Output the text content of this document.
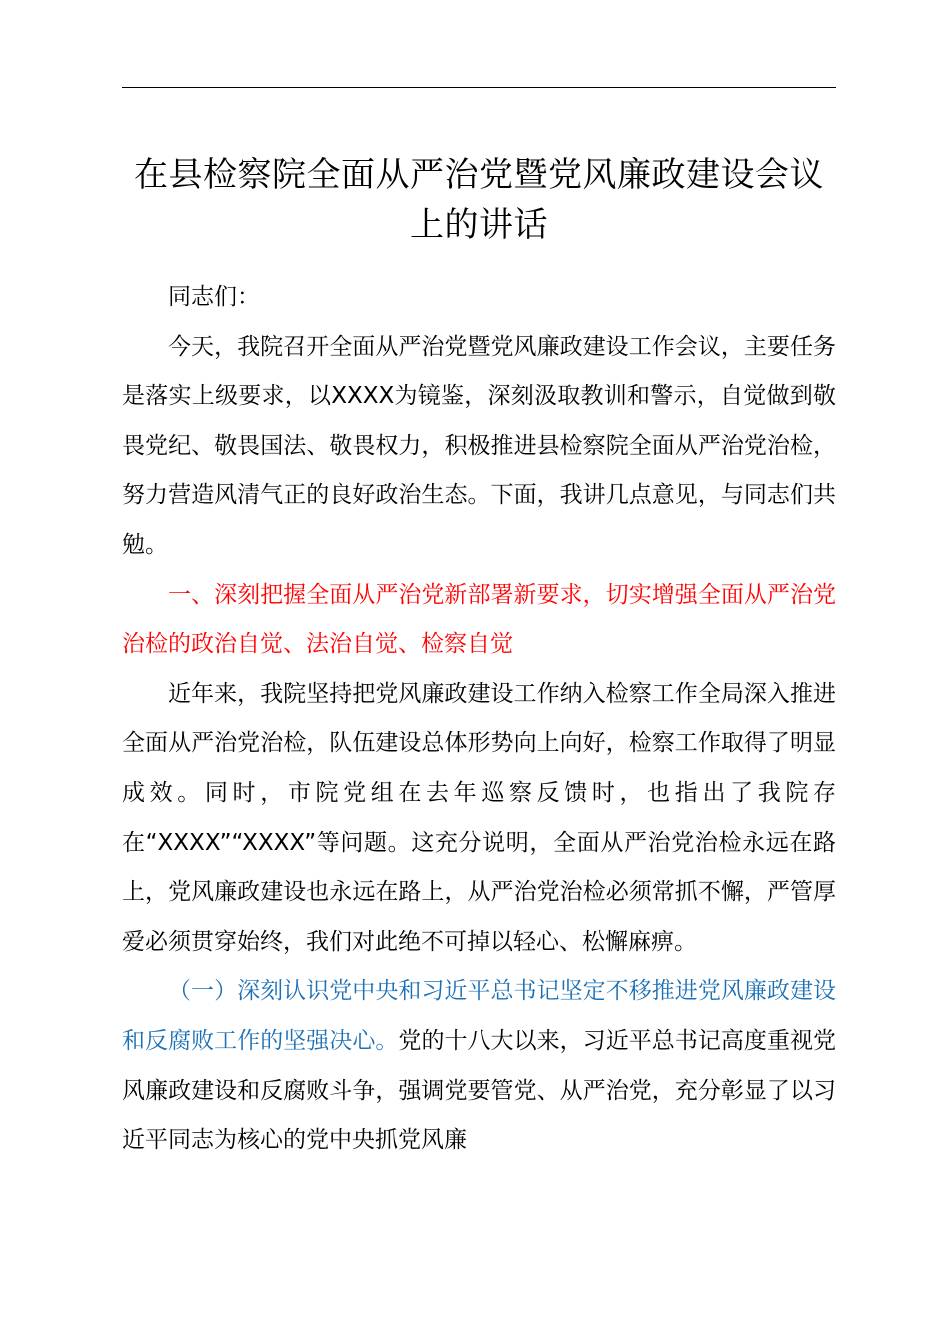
在县检察院全面从严治党暨党风廉政建设会议上的讲话

同志们：

今天，我院召开全面从严治党暨党风廉政建设工作会议，主要任务是落实上级要求，以XXXX为镜鉴，深刻汲取教训和警示，自觉做到敬畏党纪、敬畏国法、敬畏权力，积极推进县检察院全面从严治党治检，努力营造风清气正的良好政治生态。下面，我讲几点意见，与同志们共勉。

一、深刻把握全面从严治党新部署新要求，切实增强全面从严治党治检的政治自觉、法治自觉、检察自觉

近年来，我院坚持把党风廉政建设工作纳入检察工作全局深入推进全面从严治党治检，队伍建设总体形势向上向好，检察工作取得了明显成效。同时，市院党组在去年巡察反馈时，也指出了我院存在“XXXX”“XXXX”等问题。这充分说明，全面从严治党治检永远在路上，党风廉政建设也永远在路上，从严治党治检必须常抓不懈，严管厚爱必须贯穿始终，我们对此绝不可掉以轻心、松懈麻痹。

（一）深刻认识党中央和习近平总书记坚定不移推进党风廉政建设和反腐败工作的坚强决心。党的十八大以来，习近平总书记高度重视党风廉政建设和反腐败斗争，强调党要管党、从严治党，充分彰显了以习近平同志为核心的党中央抓党风廉
